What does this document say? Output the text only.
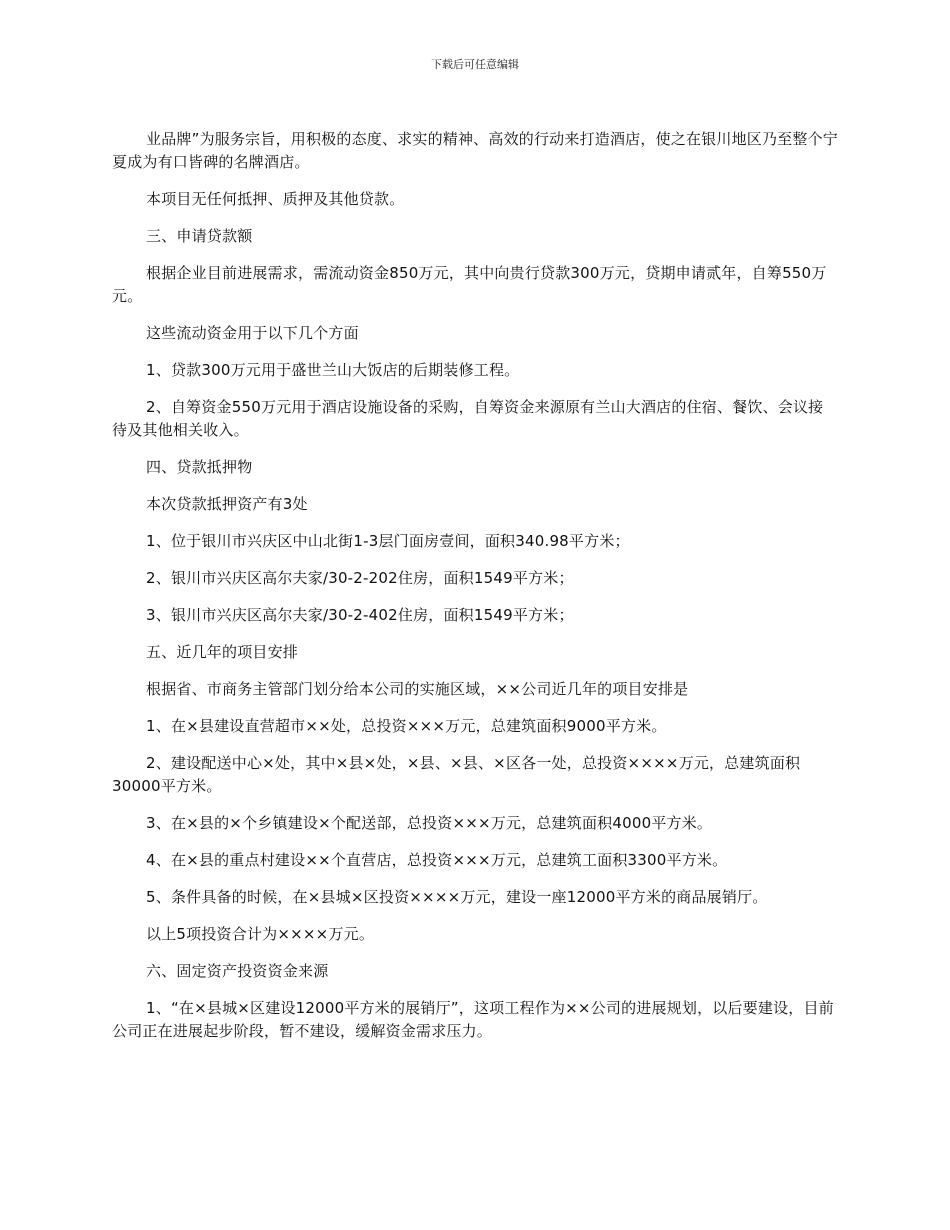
下载后可任意编辑

业品牌”为服务宗旨，用积极的态度、求实的精神、高效的行动来打造酒店，使之在银川地区乃至整个宁夏成为有口皆碑的名牌酒店。

本项目无任何抵押、质押及其他贷款。

三、申请贷款额

根据企业目前进展需求，需流动资金850万元，其中向贵行贷款300万元，贷期申请贰年，自筹550万元。

这些流动资金用于以下几个方面

1、贷款300万元用于盛世兰山大饭店的后期装修工程。

2、自筹资金550万元用于酒店设施设备的采购，自筹资金来源原有兰山大酒店的住宿、餐饮、会议接待及其他相关收入。

四、贷款抵押物

本次贷款抵押资产有3处

1、位于银川市兴庆区中山北街1-3层门面房壹间，面积340.98平方米；

2、银川市兴庆区高尔夫家/30-2-202住房，面积1549平方米；

3、银川市兴庆区高尔夫家/30-2-402住房，面积1549平方米；

五、近几年的项目安排

根据省、市商务主管部门划分给本公司的实施区域，××公司近几年的项目安排是

1、在×县建设直营超市××处，总投资×××万元，总建筑面积9000平方米。

2、建设配送中心×处，其中×县×处，×县、×县、×区各一处，总投资××××万元，总建筑面积30000平方米。

3、在×县的×个乡镇建设×个配送部，总投资×××万元，总建筑面积4000平方米。

4、在×县的重点村建设××个直营店，总投资×××万元，总建筑工面积3300平方米。

5、条件具备的时候，在×县城×区投资××××万元，建设一座12000平方米的商品展销厅。

以上5项投资合计为××××万元。

六、固定资产投资资金来源

1、“在×县城×区建设12000平方米的展销厅”，这项工程作为××公司的进展规划，以后要建设，目前公司正在进展起步阶段，暂不建设，缓解资金需求压力。
